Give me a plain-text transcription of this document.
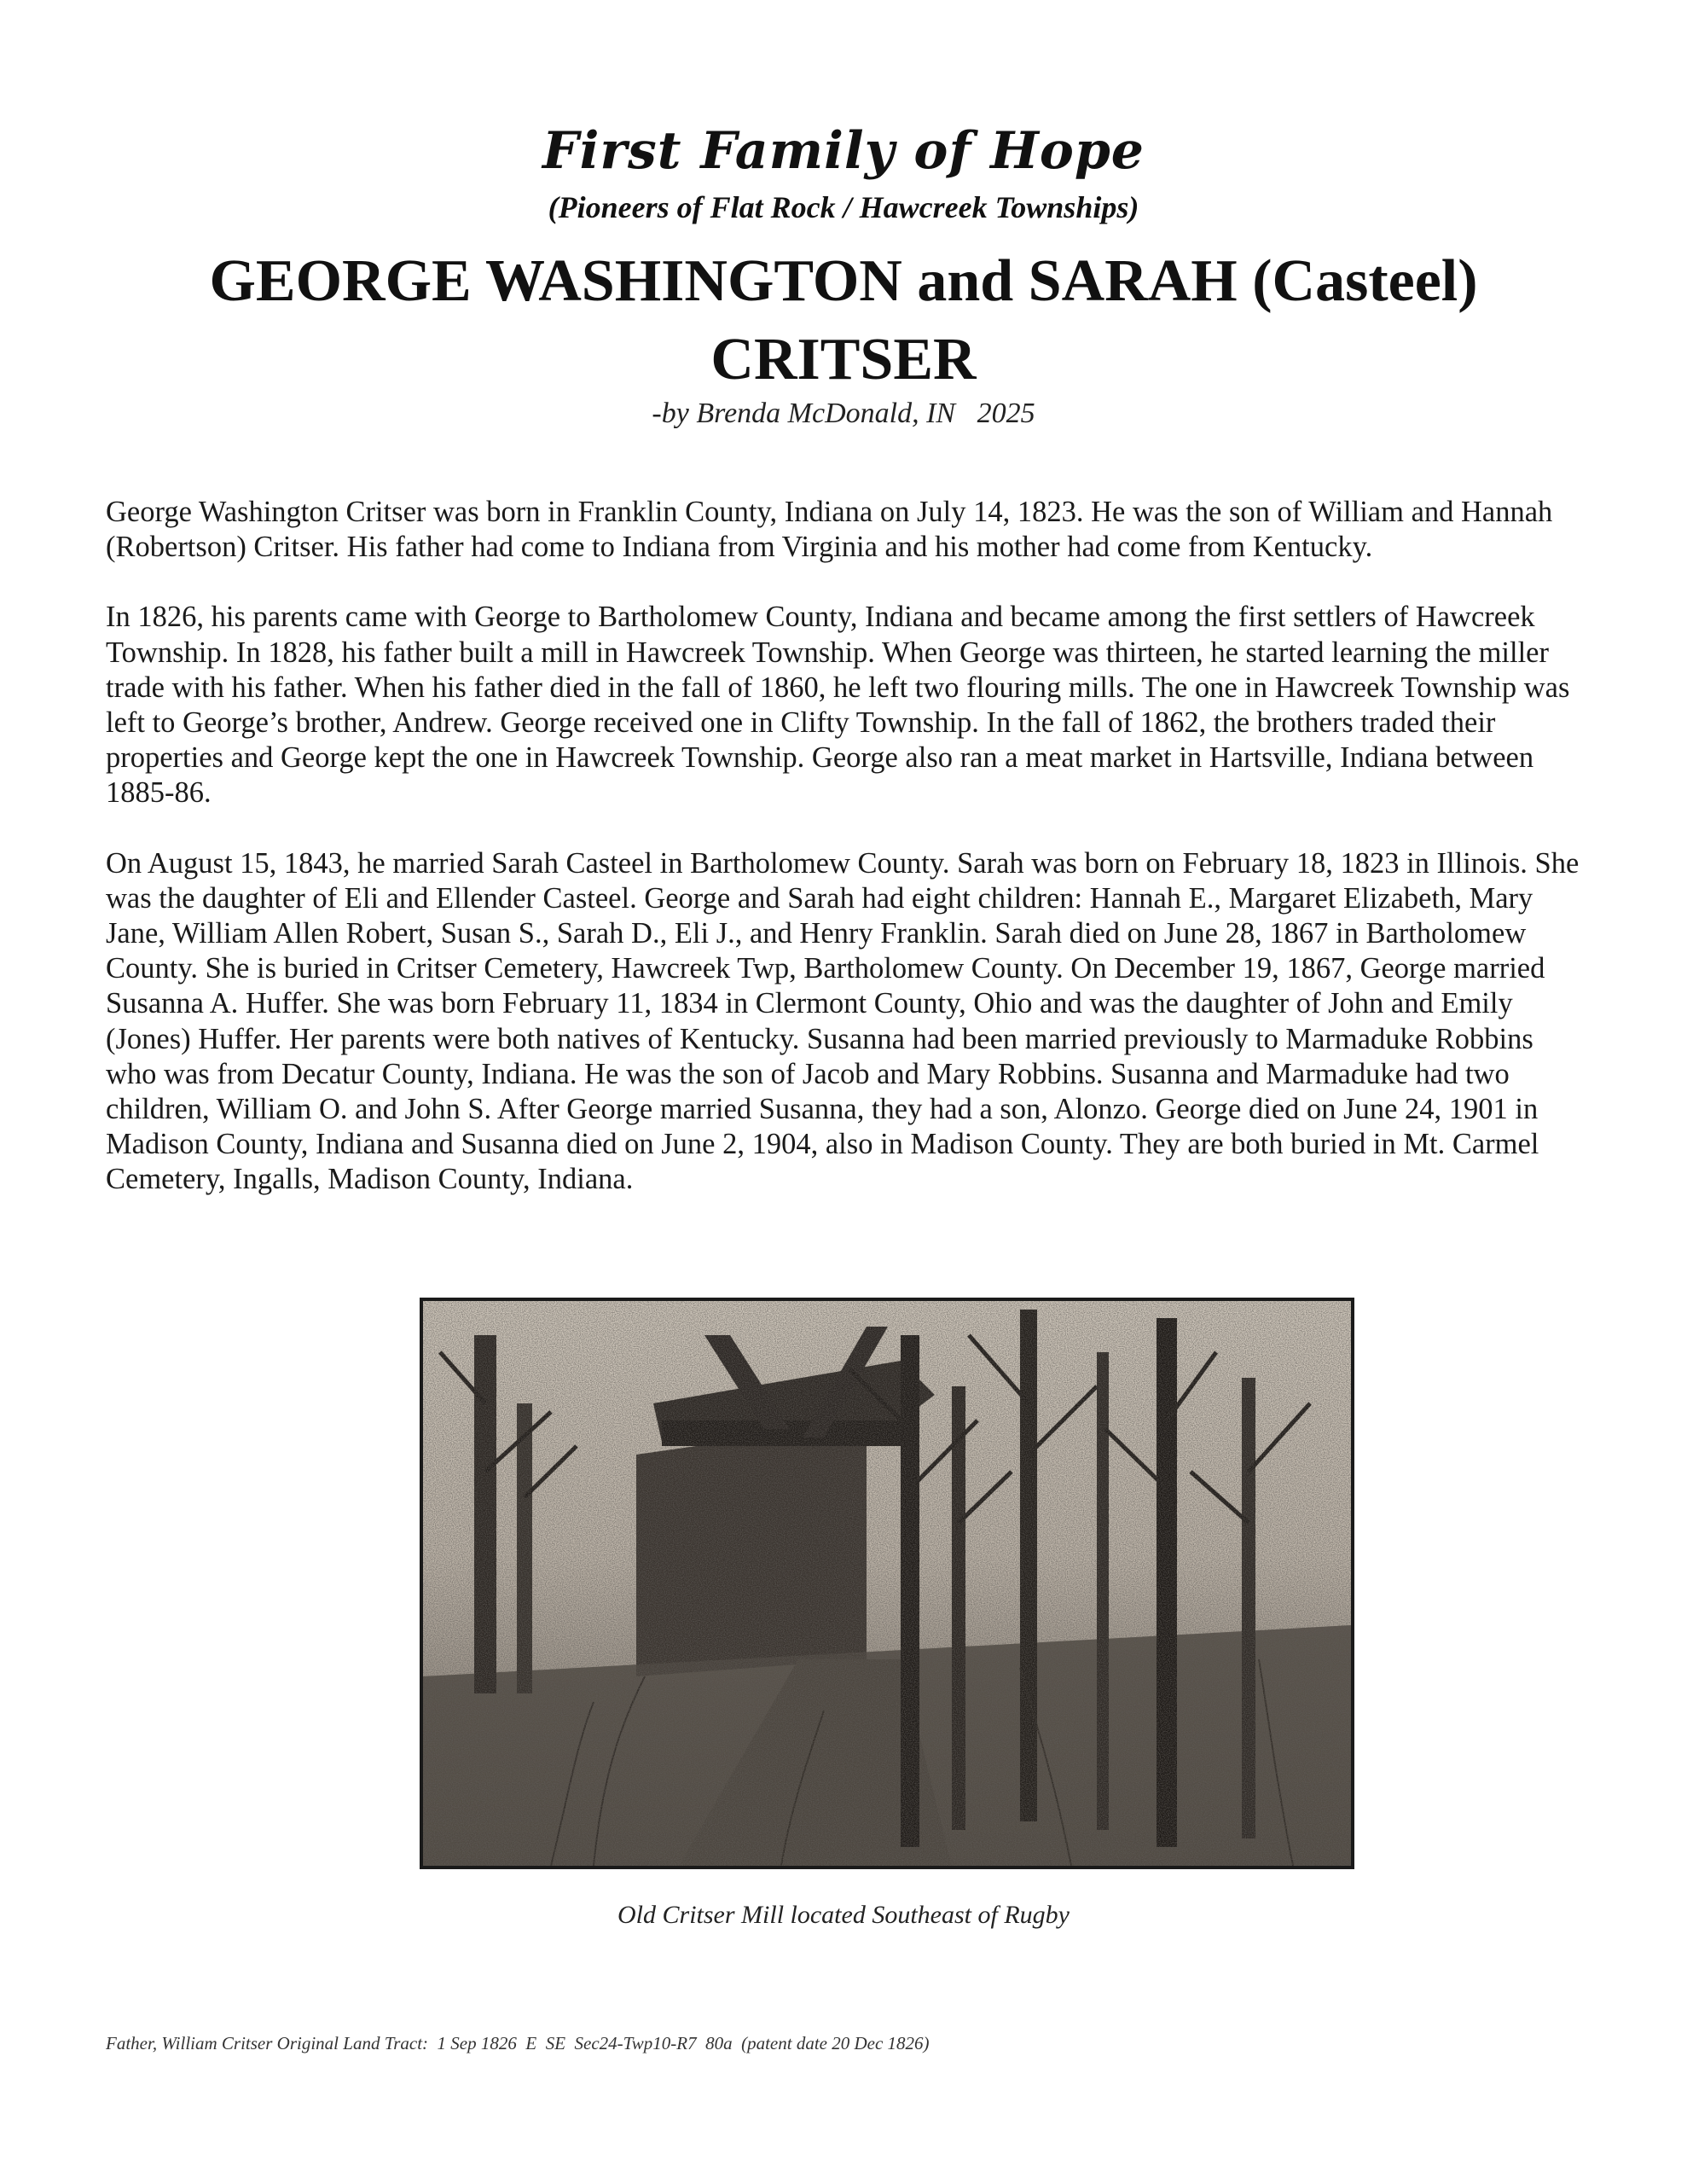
First Family of Hope
(Pioneers of Flat Rock / Hawcreek Townships)
GEORGE WASHINGTON and SARAH (Casteel)
CRITSER
-by Brenda McDonald, IN   2025

George Washington Critser was born in Franklin County, Indiana on July 14, 1823. He was the son of William and Hannah (Robertson) Critser. His father had come to Indiana from Virginia and his mother had come from Kentucky.

In 1826, his parents came with George to Bartholomew County, Indiana and became among the first settlers of Hawcreek Township. In 1828, his father built a mill in Hawcreek Township. When George was thirteen, he started learning the miller trade with his father. When his father died in the fall of 1860, he left two flouring mills. The one in Hawcreek Township was left to George’s brother, Andrew. George received one in Clifty Township. In the fall of 1862, the brothers traded their properties and George kept the one in Hawcreek Township. George also ran a meat market in Hartsville, Indiana between 1885-86.

On August 15, 1843, he married Sarah Casteel in Bartholomew County. Sarah was born on February 18, 1823 in Illinois. She was the daughter of Eli and Ellender Casteel. George and Sarah had eight children: Hannah E., Margaret Elizabeth, Mary Jane, William Allen Robert, Susan S., Sarah D., Eli J., and Henry Franklin. Sarah died on June 28, 1867 in Bartholomew County. She is buried in Critser Cemetery, Hawcreek Twp, Bartholomew County. On December 19, 1867, George married Susanna A. Huffer. She was born February 11, 1834 in Clermont County, Ohio and was the daughter of John and Emily (Jones) Huffer. Her parents were both natives of Kentucky. Susanna had been married previously to Marmaduke Robbins who was from Decatur County, Indiana. He was the son of Jacob and Mary Robbins. Susanna and Marmaduke had two children, William O. and John S. After George married Susanna, they had a son, Alonzo. George died on June 24, 1901 in Madison County, Indiana and Susanna died on June 2, 1904, also in Madison County. They are both buried in Mt. Carmel Cemetery, Ingalls, Madison County, Indiana.

Old Critser Mill located Southeast of Rugby
Father, William Critser Original Land Tract:  1 Sep 1826  E  SE  Sec24-Twp10-R7  80a  (patent date 20 Dec 1826)
